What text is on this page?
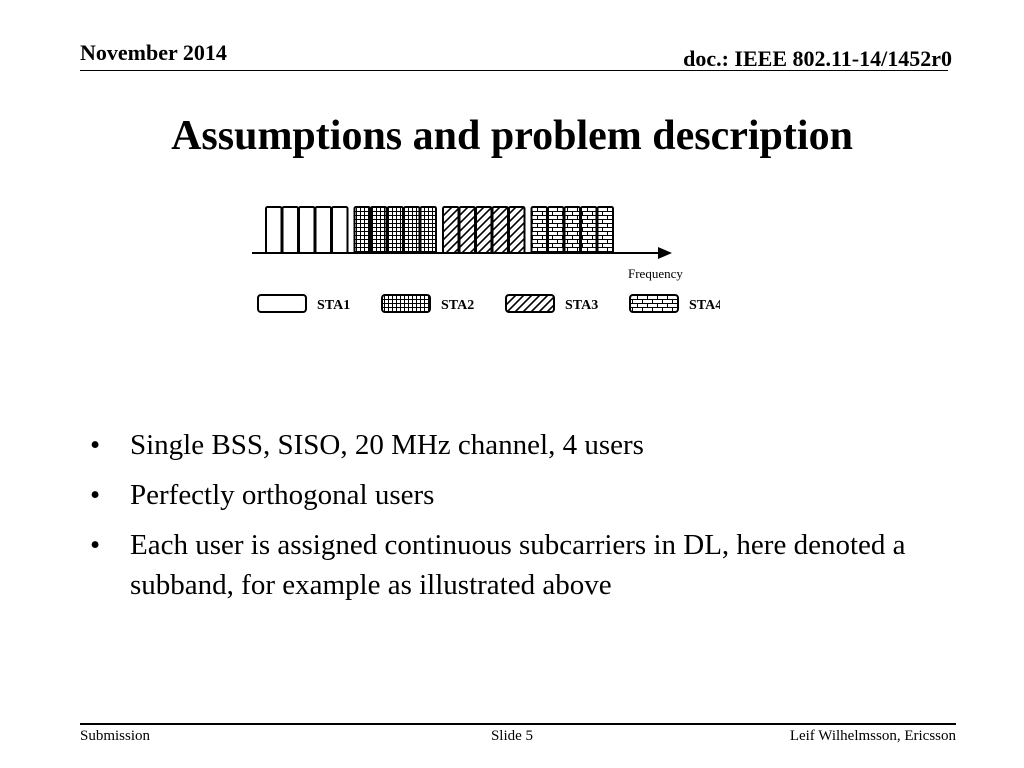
November 2014	doc.: IEEE 802.11-14/1452r0
Assumptions and problem description
Frequency
STA1	STA2	STA3	STA4
• Single BSS, SISO, 20 MHz channel, 4 users
• Perfectly orthogonal users
• Each user is assigned continuous subcarriers in DL, here denoted a subband, for example as illustrated above
Submission	Slide 5	Leif Wilhelmsson, Ericsson
